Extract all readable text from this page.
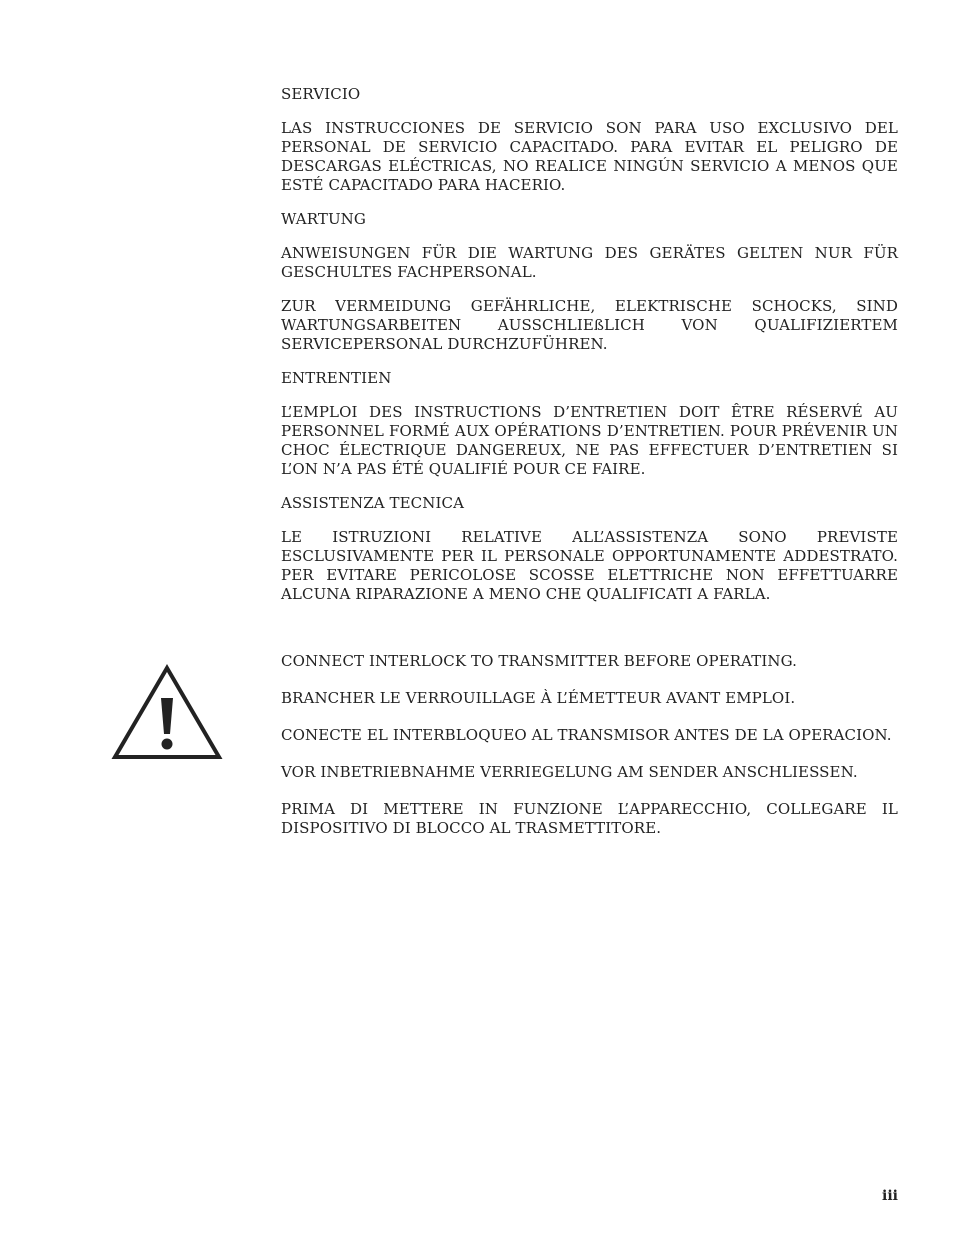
SERVICIO

LAS INSTRUCCIONES DE SERVICIO SON PARA USO EXCLUSIVO DEL PERSONAL DE SERVICIO CAPACITADO. PARA EVITAR EL PELIGRO DE DESCARGAS ELÉCTRICAS, NO REALICE NINGÚN SERVICIO A MENOS QUE ESTÉ CAPACITADO PARA HACERIO.

WARTUNG

ANWEISUNGEN FÜR DIE WARTUNG DES GERÄTES GELTEN NUR FÜR GESCHULTES FACHPERSONAL.

ZUR VERMEIDUNG GEFÄHRLICHE, ELEKTRISCHE SCHOCKS, SIND WARTUNGSARBEITEN AUSSCHLIEßLICH VON QUALIFIZIERTEM SERVICEPERSONAL DURCHZUFÜHREN.

ENTRENTIEN

L’EMPLOI DES INSTRUCTIONS D’ENTRETIEN DOIT ÊTRE RÉSERVÉ AU PERSONNEL FORMÉ AUX OPÉRATIONS D’ENTRETIEN. POUR PRÉVENIR UN CHOC ÉLECTRIQUE DANGEREUX, NE PAS EFFECTUER D’ENTRETIEN SI L’ON N’A PAS ÉTÉ QUALIFIÉ POUR CE FAIRE.

ASSISTENZA TECNICA

LE ISTRUZIONI RELATIVE ALL’ASSISTENZA SONO PREVISTE ESCLUSIVAMENTE PER IL PERSONALE OPPORTUNAMENTE ADDESTRATO. PER EVITARE PERICOLOSE SCOSSE ELETTRICHE NON EFFETTUARRE ALCUNA RIPARAZIONE A MENO CHE QUALIFICATI A FARLA.

CONNECT INTERLOCK TO TRANSMITTER BEFORE OPERATING.

BRANCHER LE VERROUILLAGE À L’ÉMETTEUR AVANT EMPLOI.

CONECTE EL INTERBLOQUEO AL TRANSMISOR ANTES DE LA OPERACION.

VOR INBETRIEBNAHME VERRIEGELUNG AM SENDER ANSCHLIESSEN.

PRIMA DI METTERE IN FUNZIONE L’APPARECCHIO, COLLEGARE IL DISPOSITIVO DI BLOCCO AL TRASMETTITORE.

iii
